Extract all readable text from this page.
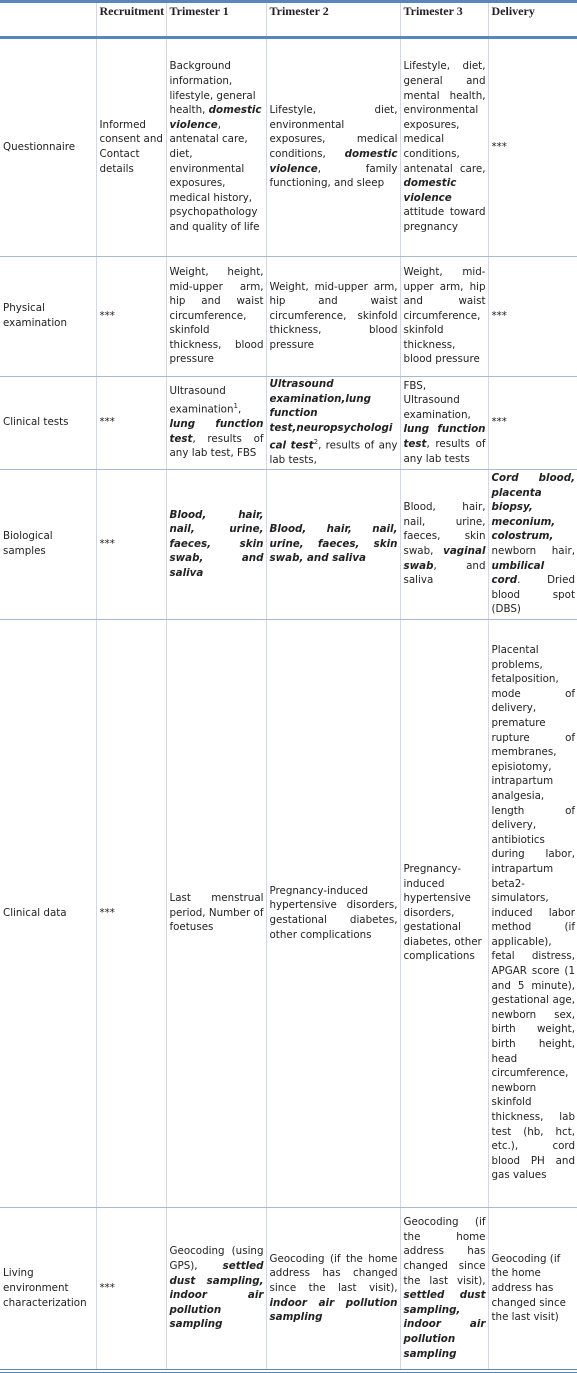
	Recruitment	Trimester 1	Trimester 2	Trimester 3	Delivery
Questionnaire	Informed consent and Contact details	Background information, lifestyle, general health, domestic violence, antenatal care, diet, environmental exposures, medical history, psychopathology and quality of life	Lifestyle, diet, environmental exposures, medical conditions, domestic violence, family functioning, and sleep	Lifestyle, diet, general and mental health, environmental exposures, medical conditions, antenatal care, domestic violence attitude toward pregnancy	***
Physical examination	***	Weight, height, mid-upper arm, hip and waist circumference, skinfold thickness, blood pressure	Weight, mid-upper arm, hip and waist circumference, skinfold thickness, blood pressure	Weight, mid-upper arm, hip and waist circumference, skinfold thickness, blood pressure	***
Clinical tests	***	Ultrasound examination$^1$, lung function test, results of any lab test, FBS	Ultrasound examination,lung function test,neuropsychological test$^2$, results of any lab tests,	FBS, Ultrasound examination, lung function test, results of any lab tests	***
Biological samples	***	Blood, hair, nail, urine, faeces, skin swab, and saliva	Blood, hair, nail, urine, faeces, skin swab, and saliva	Blood, hair, nail, urine, faeces, skin swab, vaginal swab, and saliva	Cord blood, placenta biopsy, meconium, colostrum, newborn hair, umbilical cord. Dried blood spot (DBS)
Clinical data	***	Last menstrual period, Number of foetuses	Pregnancy-induced hypertensive disorders, gestational diabetes, other complications	Pregnancy-induced hypertensive disorders, gestational diabetes, other complications	Placental problems, fetalposition, mode of delivery, premature rupture of membranes, episiotomy, intrapartum analgesia, length of delivery, antibiotics during labor, intrapartum beta2-simulators, induced labor method (if applicable), fetal distress, APGAR score (1 and 5 minute), gestational age, newborn sex, birth weight, birth height, head circumference, newborn skinfold thickness, lab test (hb, hct, etc.), cord blood PH and gas values
Living environment characterization	***	Geocoding (using GPS), settled dust sampling, indoor air pollution sampling	Geocoding (if the home address has changed since the last visit), indoor air pollution sampling	Geocoding (if the home address has changed since the last visit), settled dust sampling, indoor air pollution sampling	Geocoding (if the home address has changed since the last visit)
